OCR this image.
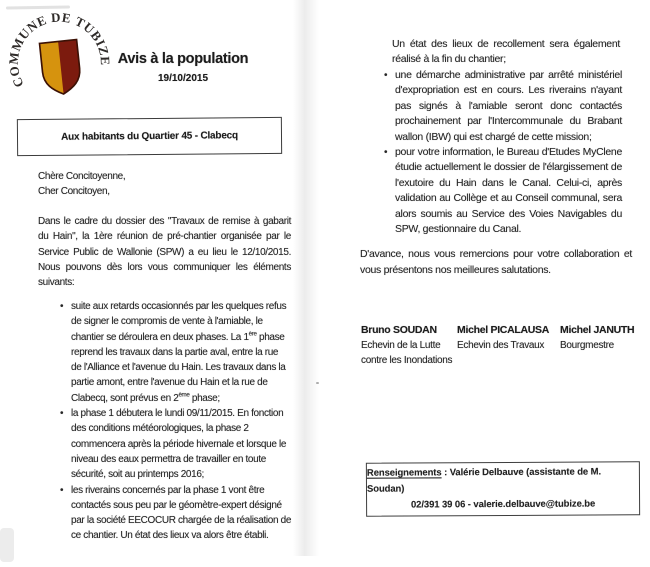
COMMUNE DE TUBIZE Avis à la population
19/10/2015
Aux habitants du Quartier 45 - Clabecq
Chère Concitoyenne,
Cher Concitoyen,
Dans le cadre du dossier des "Travaux de remise à gabarit
du Hain", la 1ère réunion de pré-chantier organisée par le
Service Public de Wallonie (SPW) a eu lieu le 12/10/2015.
Nous pouvons dès lors vous communiquer les éléments
suivants:
• suite aux retards occasionnés par les quelques refus
de signer le compromis de vente à l'amiable, le
chantier se déroulera en deux phases. La 1ère phase
reprend les travaux dans la partie aval, entre la rue
de l'Alliance et l'avenue du Hain. Les travaux dans la
partie amont, entre l'avenue du Hain et la rue de
Clabecq, sont prévus en 2ème phase;
• la phase 1 débutera le lundi 09/11/2015. En fonction
des conditions météorologiques, la phase 2
commencera après la période hivernale et lorsque le
niveau des eaux permettra de travailler en toute
sécurité, soit au printemps 2016;
• les riverains concernés par la phase 1 vont être
contactés sous peu par le géomètre-expert désigné
par la société EECOCUR chargée de la réalisation de
ce chantier. Un état des lieux va alors être établi.
Un état des lieux de recollement sera également
réalisé à la fin du chantier;
• une démarche administrative par arrêté ministériel
d'expropriation est en cours. Les riverains n'ayant
pas signés à l'amiable seront donc contactés
prochainement par l'Intercommunale du Brabant
wallon (IBW) qui est chargé de cette mission;
• pour votre information, le Bureau d'Etudes MyClene
étudie actuellement le dossier de l'élargissement de
l'exutoire du Hain dans le Canal. Celui-ci, après
validation au Collège et au Conseil communal, sera
alors soumis au Service des Voies Navigables du
SPW, gestionnaire du Canal.
D'avance, nous vous remercions pour votre collaboration et
vous présentons nos meilleures salutations.
Bruno SOUDAN
Echevin de la Lutte
contre les Inondations
Michel PICALAUSA
Echevin des Travaux
Michel JANUTH
Bourgmestre
Renseignements : Valérie Delbauve (assistante de M. Soudan)
02/391 39 06 - valerie.delbauve@tubize.be
